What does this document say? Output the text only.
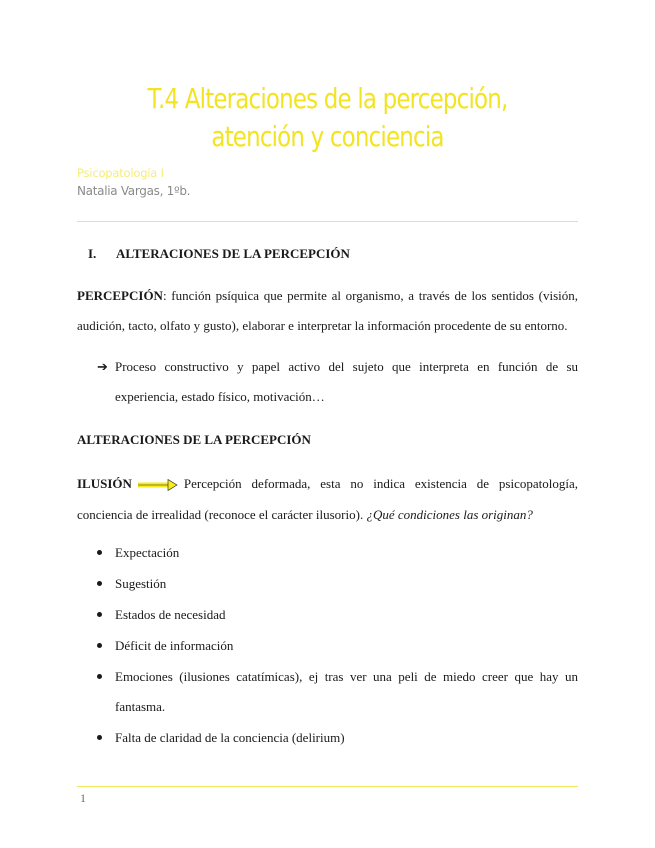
T.4 Alteraciones de la percepción, atención y conciencia
Psicopatología I
Natalia Vargas, 1ºb.
I. ALTERACIONES DE LA PERCEPCIÓN
PERCEPCIÓN: función psíquica que permite al organismo, a través de los sentidos (visión, audición, tacto, olfato y gusto), elaborar e interpretar la información procedente de su entorno.
➔ Proceso constructivo y papel activo del sujeto que interpreta en función de su experiencia, estado físico, motivación…
ALTERACIONES DE LA PERCEPCIÓN
ILUSIÓN	Percepción deformada, esta no indica existencia de psicopatología, conciencia de irrealidad (reconoce el carácter ilusorio). ¿Qué condiciones las originan?
Expectación
Sugestión
Estados de necesidad
Déficit de información
Emociones (ilusiones catatímicas), ej tras ver una peli de miedo creer que hay un fantasma.
Falta de claridad de la conciencia (delirium)
1
